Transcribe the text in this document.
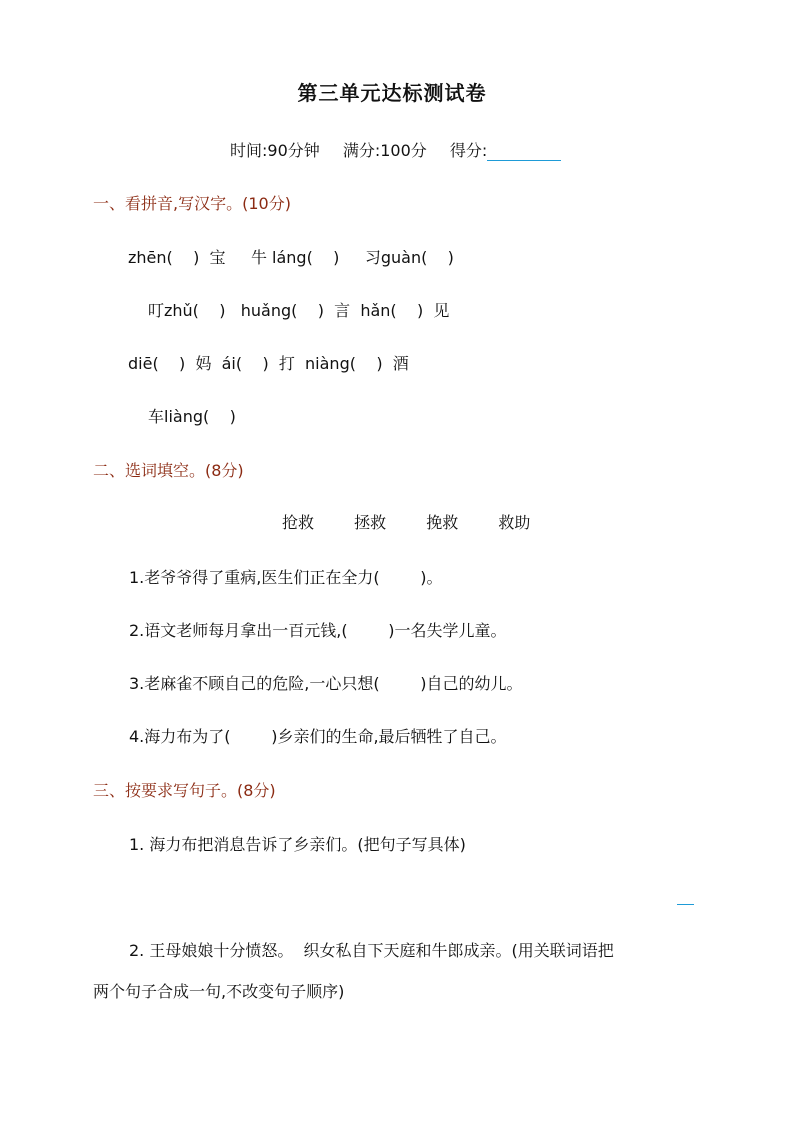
第三单元达标测试卷
时间:90分钟 满分:100分 得分:
一、看拼音,写汉字。(10分)
zhēn(    )  宝     牛 láng(    )     习guàn(    )
叮zhǔ(    )   huǎng(    )  言  hǎn(    )  见
diē(    )  妈  ái(    )  打  niàng(    )  酒
车liàng(    )
二、选词填空。(8分)
抢救	拯救	挽救	救助
1.老爷爷得了重病,医生们正在全力(        )。
2.语文老师每月拿出一百元钱,(        )一名失学儿童。
3.老麻雀不顾自己的危险,一心只想(        )自己的幼儿。
4.海力布为了(        )乡亲们的生命,最后牺牲了自己。
三、按要求写句子。(8分)
1. 海力布把消息告诉了乡亲们。(把句子写具体)
2. 王母娘娘十分愤怒。  织女私自下天庭和牛郎成亲。(用关联词语把
两个句子合成一句,不改变句子顺序)
